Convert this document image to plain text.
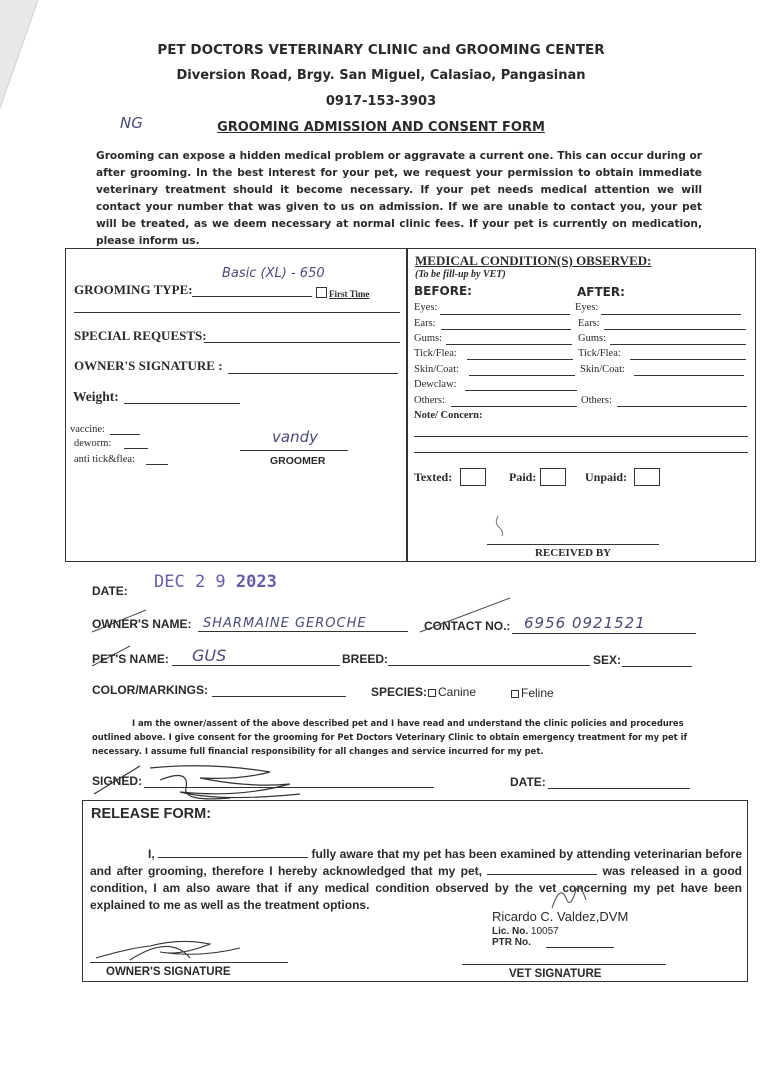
PET DOCTORS VETERINARY CLINIC and GROOMING CENTER
Diversion Road, Brgy. San Miguel, Calasiao, Pangasinan
0917-153-3903
NG	GROOMING ADMISSION AND CONSENT FORM
Grooming can expose a hidden medical problem or aggravate a current one. This can occur during or after grooming. In the best interest for your pet, we request your permission to obtain immediate veterinary treatment should it become necessary. If your pet needs medical attention we will contact your number that was given to us on admission. If we are unable to contact you, your pet will be treated, as we deem necessary at normal clinic fees. If your pet is currently on medication, please inform us.
GROOMING TYPE:
Basic (XL) - 650
First Time
SPECIAL REQUESTS:
OWNER'S SIGNATURE :
Weight:
vaccine:
deworm:
anti tick&flea:
vandy
GROOMER
MEDICAL CONDITION(S) OBSERVED:
(To be fill-up by VET)
BEFORE:	AFTER:
Eyes:	Eyes:
Ears:	Ears:
Gums:	Gums:
Tick/Flea:	Tick/Flea:
Skin/Coat:	Skin/Coat:
Dewclaw:
Others:	Others:
Note/ Concern:
Texted:	Paid:	Unpaid:
RECEIVED BY
DATE: DEC 2 9 2023
OWNER'S NAME: SHARMAINE GEROCHE	CONTACT NO.: 6956 0921521
PET'S NAME: GUS	BREED:	SEX:
COLOR/MARKINGS:	SPECIES: Canine	Feline
I am the owner/assent of the above described pet and I have read and understand the clinic policies and procedures outlined above. I give consent for the grooming for Pet Doctors Veterinary Clinic to obtain emergency treatment for my pet if necessary. I assume full financial responsibility for all changes and service incurred for my pet.
SIGNED:	DATE:
RELEASE FORM:
I,	fully aware that my pet has been examined by attending veterinarian before and after grooming, therefore I hereby acknowledged that my pet,	was released in a good condition, I am also aware that if any medical condition observed by the vet concerning my pet have been explained to me as well as the treatment options.
Ricardo C. Valdez,DVM
Lic. No. 10057
PTR No.
OWNER'S SIGNATURE	VET SIGNATURE
